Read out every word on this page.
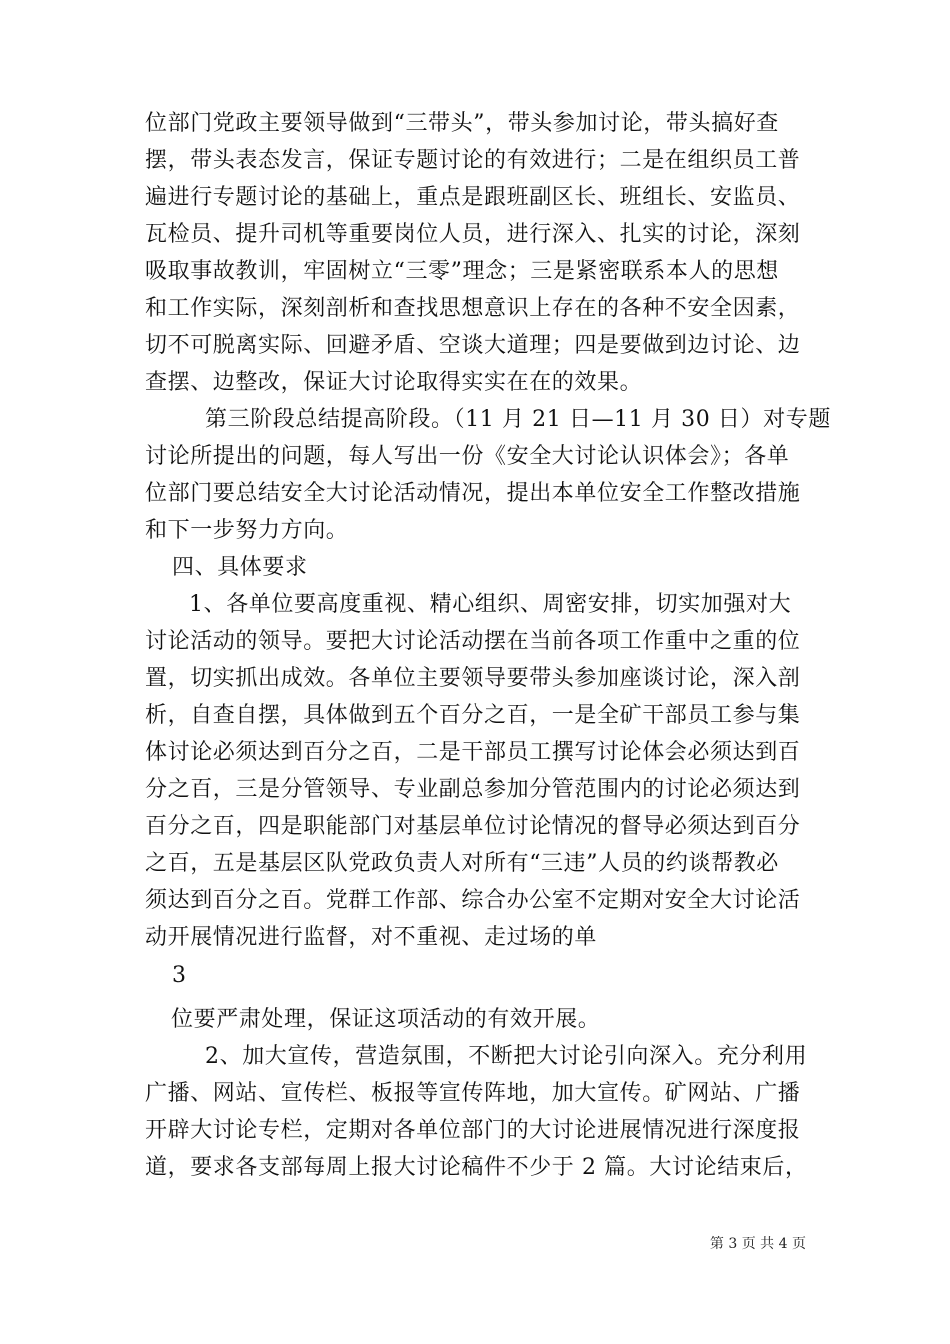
位部门党政主要领导做到“三带头”，带头参加讨论，带头搞好查
摆，带头表态发言，保证专题讨论的有效进行；二是在组织员工普
遍进行专题讨论的基础上，重点是跟班副区长、班组长、安监员、
瓦检员、提升司机等重要岗位人员，进行深入、扎实的讨论，深刻
吸取事故教训，牢固树立“三零”理念；三是紧密联系本人的思想
和工作实际，深刻剖析和查找思想意识上存在的各种不安全因素，
切不可脱离实际、回避矛盾、空谈大道理；四是要做到边讨论、边
查摆、边整改，保证大讨论取得实实在在的效果。
第三阶段总结提高阶段。（11 月 21 日—11 月 30 日）对专题
讨论所提出的问题，每人写出一份《安全大讨论认识体会》；各单
位部门要总结安全大讨论活动情况，提出本单位安全工作整改措施
和下一步努力方向。
四、具体要求
1、各单位要高度重视、精心组织、周密安排，切实加强对大
讨论活动的领导。要把大讨论活动摆在当前各项工作重中之重的位
置，切实抓出成效。各单位主要领导要带头参加座谈讨论，深入剖
析，自查自摆，具体做到五个百分之百，一是全矿干部员工参与集
体讨论必须达到百分之百，二是干部员工撰写讨论体会必须达到百
分之百，三是分管领导、专业副总参加分管范围内的讨论必须达到
百分之百，四是职能部门对基层单位讨论情况的督导必须达到百分
之百，五是基层区队党政负责人对所有“三违”人员的约谈帮教必
须达到百分之百。党群工作部、综合办公室不定期对安全大讨论活
动开展情况进行监督，对不重视、走过场的单
位要严肃处理，保证这项活动的有效开展。
2、加大宣传，营造氛围，不断把大讨论引向深入。充分利用
广播、网站、宣传栏、板报等宣传阵地，加大宣传。矿网站、广播
开辟大讨论专栏，定期对各单位部门的大讨论进展情况进行深度报
道，要求各支部每周上报大讨论稿件不少于 2 篇。大讨论结束后，
3
第 3 页 共 4 页
